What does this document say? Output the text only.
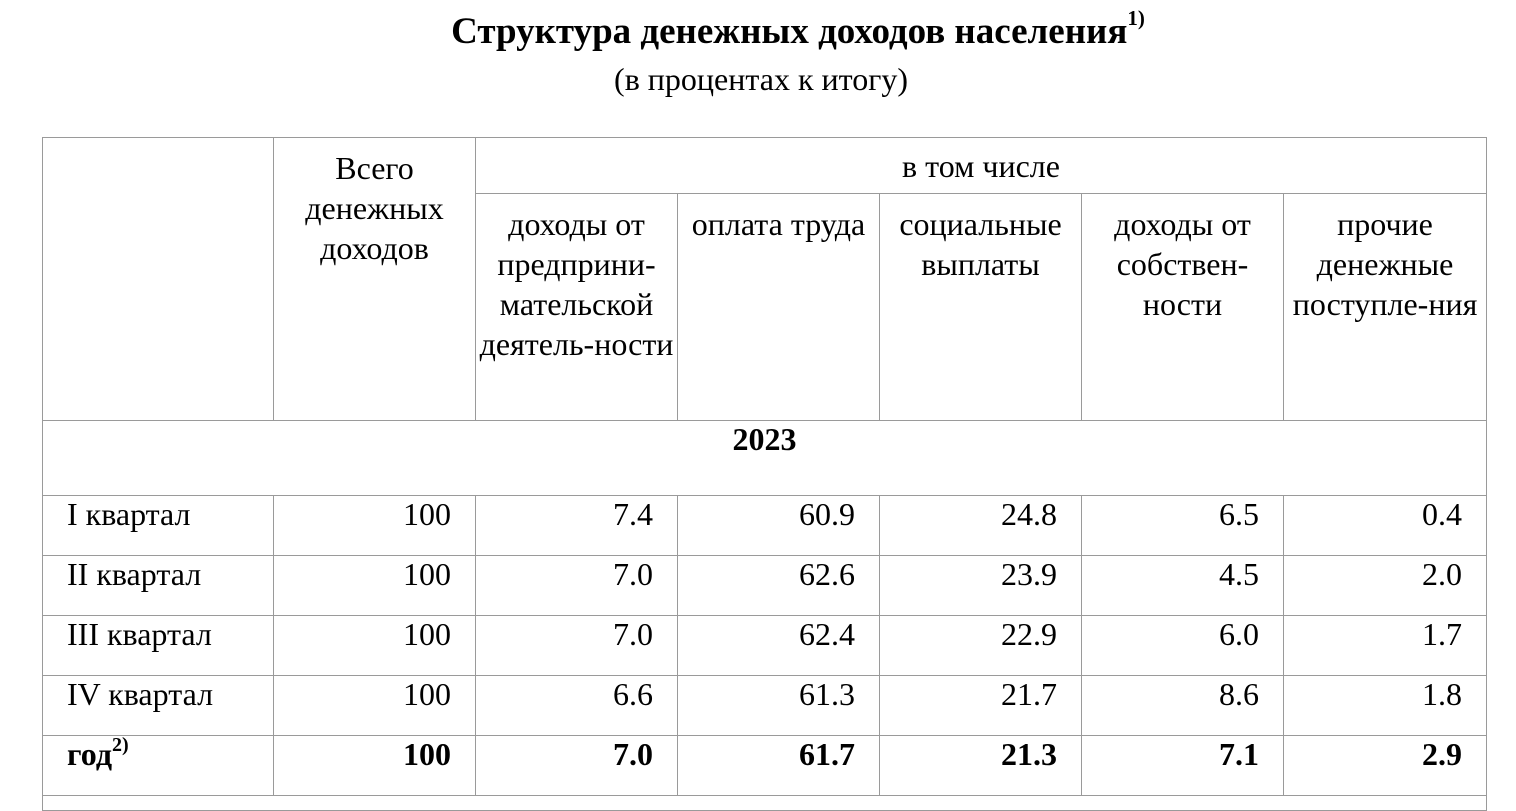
Структура денежных доходов населения$^{1)}$
(в процентах к итогу)
	Всего денежных доходов	в том числе				
		доходы от предприни-мательской деятель-ности	оплата труда	социальные выплаты	доходы от собствен-ности	прочие денежные поступле-ния
2023						
I квартал	100	7.4	60.9	24.8	6.5	0.4
II квартал	100	7.0	62.6	23.9	4.5	2.0
III квартал	100	7.0	62.4	22.9	6.0	1.7
IV квартал	100	6.6	61.3	21.7	8.6	1.8
год$^{2)}$	100	7.0	61.7	21.3	7.1	2.9
